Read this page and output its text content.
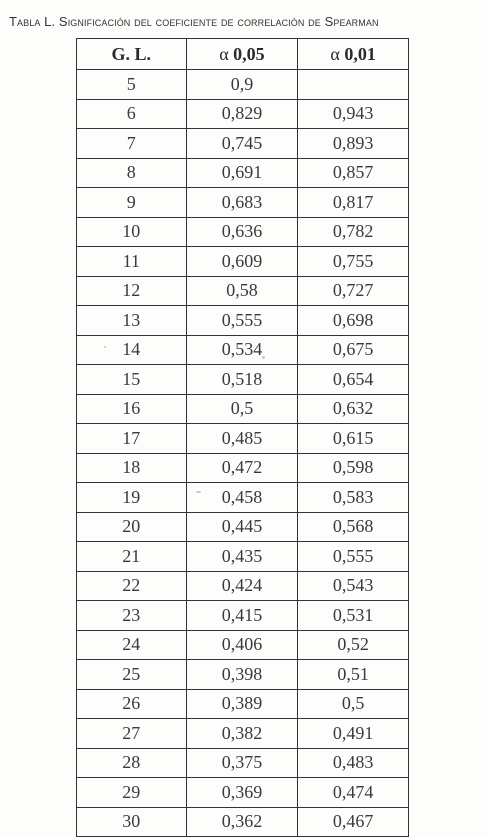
Tabla L. Significación del coeficiente de correlación de Spearman
G. L.	α 0,05	α 0,01
5	0,9	
6	0,829	0,943
7	0,745	0,893
8	0,691	0,857
9	0,683	0,817
10	0,636	0,782
11	0,609	0,755
12	0,58	0,727
13	0,555	0,698
14	0,534	0,675
15	0,518	0,654
16	0,5	0,632
17	0,485	0,615
18	0,472	0,598
19	0,458	0,583
20	0,445	0,568
21	0,435	0,555
22	0,424	0,543
23	0,415	0,531
24	0,406	0,52
25	0,398	0,51
26	0,389	0,5
27	0,382	0,491
28	0,375	0,483
29	0,369	0,474
30	0,362	0,467
